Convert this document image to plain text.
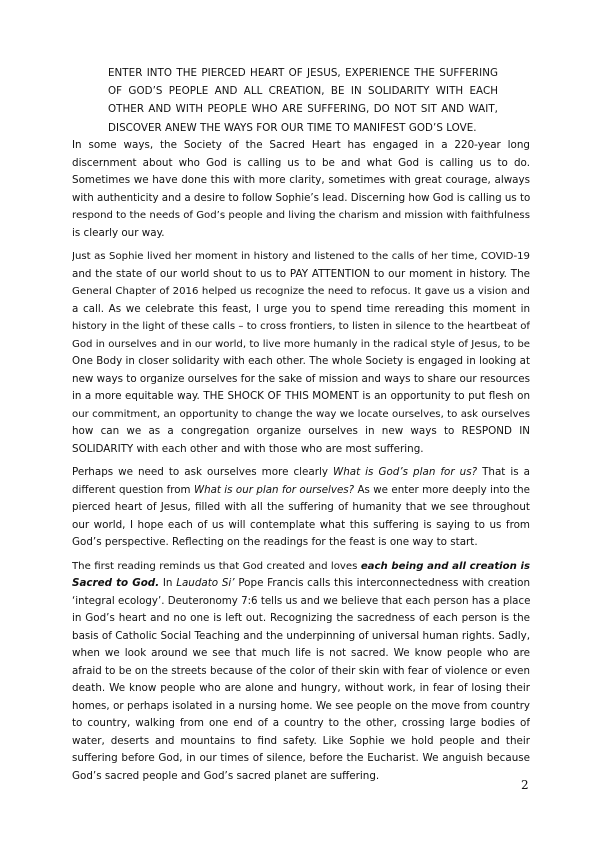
ENTER INTO THE PIERCED HEART OF JESUS, EXPERIENCE THE SUFFERING
OF GOD’S PEOPLE AND ALL CREATION, BE IN SOLIDARITY WITH EACH
OTHER AND WITH PEOPLE WHO ARE SUFFERING, DO NOT SIT AND WAIT,
DISCOVER ANEW THE WAYS FOR OUR TIME TO MANIFEST GOD’S LOVE.

In some ways, the Society of the Sacred Heart has engaged in a 220-year long
discernment about who God is calling us to be and what God is calling us to do.
Sometimes we have done this with more clarity, sometimes with great courage, always
with authenticity and a desire to follow Sophie’s lead. Discerning how God is calling us to
respond to the needs of God’s people and living the charism and mission with faithfulness
is clearly our way.

Just as Sophie lived her moment in history and listened to the calls of her time, COVID-19
and the state of our world shout to us to PAY ATTENTION to our moment in history. The
General Chapter of 2016 helped us recognize the need to refocus. It gave us a vision and
a call. As we celebrate this feast, I urge you to spend time rereading this moment in
history in the light of these calls – to cross frontiers, to listen in silence to the heartbeat of
God in ourselves and in our world, to live more humanly in the radical style of Jesus, to be
One Body in closer solidarity with each other. The whole Society is engaged in looking at
new ways to organize ourselves for the sake of mission and ways to share our resources
in a more equitable way. THE SHOCK OF THIS MOMENT is an opportunity to put flesh on
our commitment, an opportunity to change the way we locate ourselves, to ask ourselves
how can we as a congregation organize ourselves in new ways to RESPOND IN
SOLIDARITY with each other and with those who are most suffering.

Perhaps we need to ask ourselves more clearly What is God’s plan for us? That is a
different question from What is our plan for ourselves? As we enter more deeply into the
pierced heart of Jesus, filled with all the suffering of humanity that we see throughout
our world, I hope each of us will contemplate what this suffering is saying to us from
God’s perspective. Reflecting on the readings for the feast is one way to start.

The first reading reminds us that God created and loves each being and all creation is
Sacred to God. In Laudato Si’ Pope Francis calls this interconnectedness with creation
‘integral ecology’. Deuteronomy 7:6 tells us and we believe that each person has a place
in God’s heart and no one is left out. Recognizing the sacredness of each person is the
basis of Catholic Social Teaching and the underpinning of universal human rights. Sadly,
when we look around we see that much life is not sacred. We know people who are
afraid to be on the streets because of the color of their skin with fear of violence or even
death. We know people who are alone and hungry, without work, in fear of losing their
homes, or perhaps isolated in a nursing home. We see people on the move from country
to country, walking from one end of a country to the other, crossing large bodies of
water, deserts and mountains to find safety. Like Sophie we hold people and their
suffering before God, in our times of silence, before the Eucharist. We anguish because
God’s sacred people and God’s sacred planet are suffering.

2
